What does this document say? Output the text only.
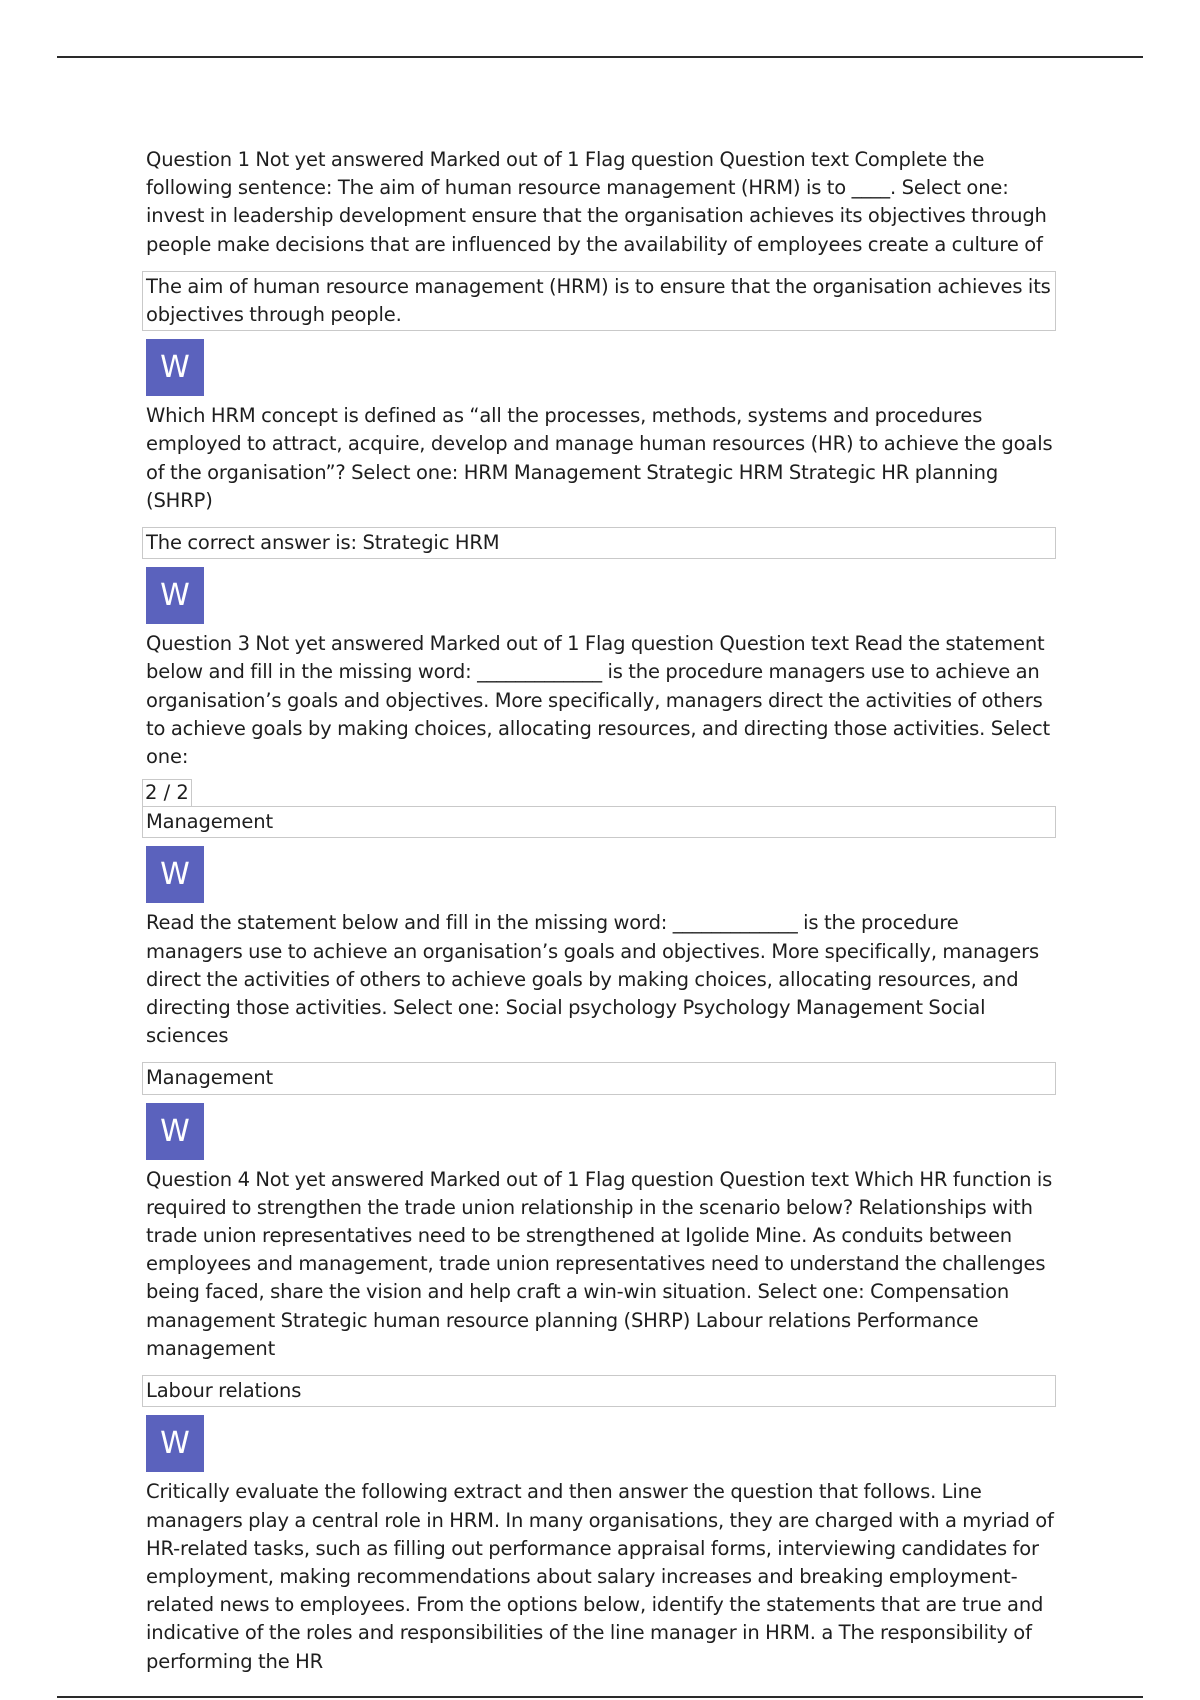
Question 1 Not yet answered Marked out of 1 Flag question Question text Complete the following sentence: The aim of human resource management (HRM) is to ____. Select one: invest in leadership development ensure that the organisation achieves its objectives through people make decisions that are influenced by the availability of employees create a culture of

The aim of human resource management (HRM) is to ensure that the organisation achieves its objectives through people.
W

Which HRM concept is defined as “all the processes, methods, systems and procedures employed to attract, acquire, develop and manage human resources (HR) to achieve the goals of the organisation”? Select one: HRM Management Strategic HRM Strategic HR planning (SHRP)

The correct answer is: Strategic HRM
W

Question 3 Not yet answered Marked out of 1 Flag question Question text Read the statement below and fill in the missing word: _____________ is the procedure managers use to achieve an organisation’s goals and objectives. More specifically, managers direct the activities of others to achieve goals by making choices, allocating resources, and directing those activities. Select one:

2 / 2
Management
W

Read the statement below and fill in the missing word: _____________ is the procedure managers use to achieve an organisation’s goals and objectives. More specifically, managers direct the activities of others to achieve goals by making choices, allocating resources, and directing those activities. Select one: Social psychology Psychology Management Social sciences

Management
W

Question 4 Not yet answered Marked out of 1 Flag question Question text Which HR function is required to strengthen the trade union relationship in the scenario below? Relationships with trade union representatives need to be strengthened at Igolide Mine. As conduits between employees and management, trade union representatives need to understand the challenges being faced, share the vision and help craft a win-win situation. Select one: Compensation management Strategic human resource planning (SHRP) Labour relations Performance management

Labour relations
W

Critically evaluate the following extract and then answer the question that follows. Line managers play a central role in HRM. In many organisations, they are charged with a myriad of HR-related tasks, such as filling out performance appraisal forms, interviewing candidates for employment, making recommendations about salary increases and breaking employment-related news to employees. From the options below, identify the statements that are true and indicative of the roles and responsibilities of the line manager in HRM. a The responsibility of performing the HR
